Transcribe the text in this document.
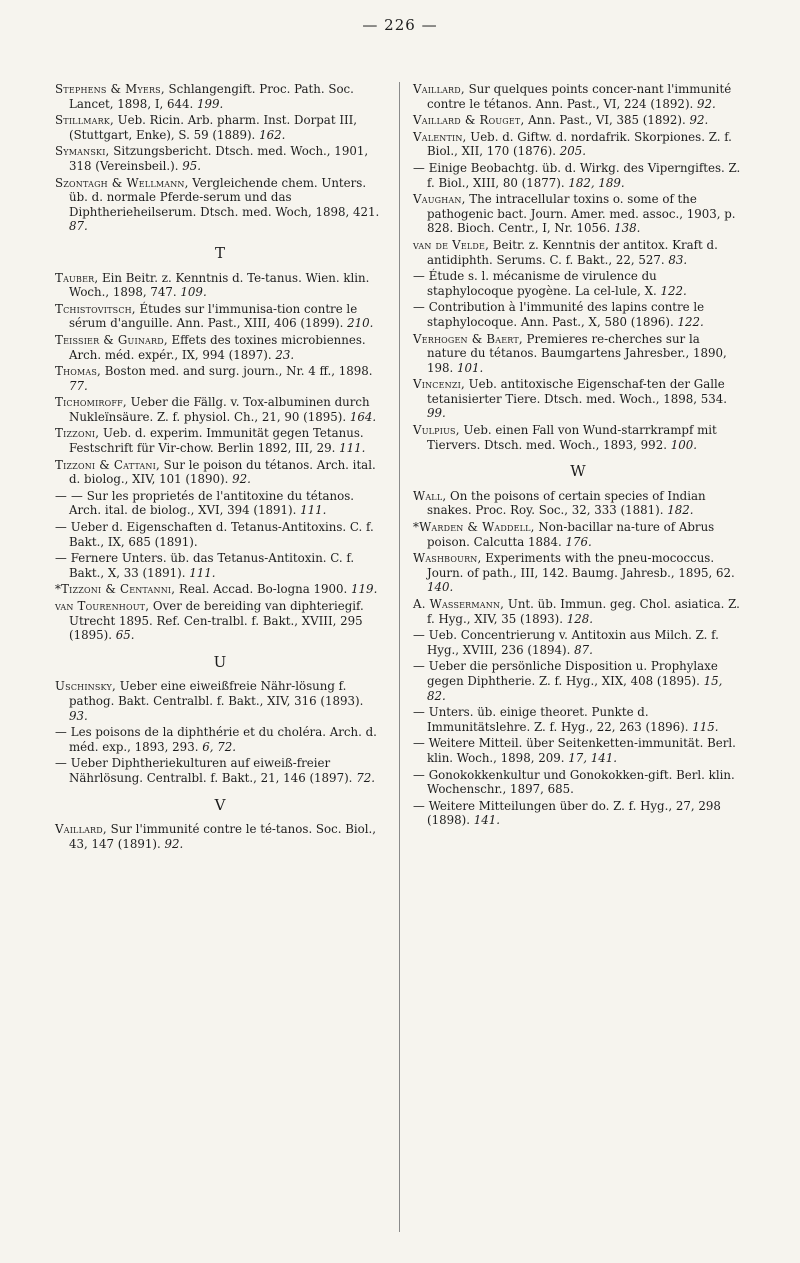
— 226 —
Stephens & Myers, Schlangengift. Proc. Path. Soc. Lancet, 1898, I, 644. 199.
Stillmark, Ueb. Ricin. Arb. pharm. Inst. Dorpat III, (Stuttgart, Enke), S. 59 (1889). 162.
Symanski, Sitzungsbericht. Dtsch. med. Woch., 1901, 318 (Vereinsbeil.). 95.
Szontagh & Wellmann, Vergleichende chem. Unters. üb. d. normale Pferde-serum und das Diphtherieheilserum. Dtsch. med. Woch, 1898, 421. 87.
T
Tauber, Ein Beitr. z. Kenntnis d. Te-tanus. Wien. klin. Woch., 1898, 747. 109.
Tchistovitsch, Études sur l'immunisa-tion contre le sérum d'anguille. Ann. Past., XIII, 406 (1899). 210.
Teissier & Guinard, Effets des toxines microbiennes. Arch. méd. expér., IX, 994 (1897). 23.
Thomas, Boston med. and surg. journ., Nr. 4 ff., 1898. 77.
Tichomiroff, Ueber die Fällg. v. Tox-albuminen durch Nukleïnsäure. Z. f. physiol. Ch., 21, 90 (1895). 164.
Tizzoni, Ueb. d. experim. Immunität gegen Tetanus. Festschrift für Vir-chow. Berlin 1892, III, 29. 111.
Tizzoni & Cattani, Sur le poison du tétanos. Arch. ital. d. biolog., XIV, 101 (1890). 92.
— — Sur les proprietés de l'antitoxine du tétanos. Arch. ital. de biolog., XVI, 394 (1891). 111.
— Ueber d. Eigenschaften d. Tetanus-Antitoxins. C. f. Bakt., IX, 685 (1891).
— Fernere Unters. üb. das Tetanus-Antitoxin. C. f. Bakt., X, 33 (1891). 111.
*Tizzoni & Centanni, Real. Accad. Bo-logna 1900. 119.
van Tourenhout, Over de bereiding van diphteriegif. Utrecht 1895. Ref. Cen-tralbl. f. Bakt., XVIII, 295 (1895). 65.
U
Uschinsky, Ueber eine eiweißfreie Nähr-lösung f. pathog. Bakt. Centralbl. f. Bakt., XIV, 316 (1893). 93.
— Les poisons de la diphthérie et du choléra. Arch. d. méd. exp., 1893, 293. 6, 72.
— Ueber Diphtheriekulturen auf eiweiß-freier Nährlösung. Centralbl. f. Bakt., 21, 146 (1897). 72.
V
Vaillard, Sur l'immunité contre le té-tanos. Soc. Biol., 43, 147 (1891). 92.
Vaillard, Sur quelques points concer-nant l'immunité contre le tétanos. Ann. Past., VI, 224 (1892). 92.
Vaillard & Rouget, Ann. Past., VI, 385 (1892). 92.
Valentin, Ueb. d. Giftw. d. nordafrik. Skorpiones. Z. f. Biol., XII, 170 (1876). 205.
— Einige Beobachtg. üb. d. Wirkg. des Viperngiftes. Z. f. Biol., XIII, 80 (1877). 182, 189.
Vaughan, The intracellular toxins o. some of the pathogenic bact. Journ. Amer. med. assoc., 1903, p. 828. Bioch. Centr., I, Nr. 1056. 138.
van de Velde, Beitr. z. Kenntnis der antitox. Kraft d. antidiphth. Serums. C. f. Bakt., 22, 527. 83.
— Étude s. l. mécanisme de virulence du staphylocoque pyogène. La cel-lule, X. 122.
— Contribution à l'immunité des lapins contre le staphylocoque. Ann. Past., X, 580 (1896). 122.
Verhogen & Baert, Premieres re-cherches sur la nature du tétanos. Baumgartens Jahresber., 1890, 198. 101.
Vincenzi, Ueb. antitoxische Eigenschaf-ten der Galle tetanisierter Tiere. Dtsch. med. Woch., 1898, 534. 99.
Vulpius, Ueb. einen Fall von Wund-starrkrampf mit Tiervers. Dtsch. med. Woch., 1893, 992. 100.
W
Wall, On the poisons of certain species of Indian snakes. Proc. Roy. Soc., 32, 333 (1881). 182.
*Warden & Waddell, Non-bacillar na-ture of Abrus poison. Calcutta 1884. 176.
Washbourn, Experiments with the pneu-mococcus. Journ. of path., III, 142. Baumg. Jahresb., 1895, 62. 140.
A. Wassermann, Unt. üb. Immun. geg. Chol. asiatica. Z. f. Hyg., XIV, 35 (1893). 128.
— Ueb. Concentrierung v. Antitoxin aus Milch. Z. f. Hyg., XVIII, 236 (1894). 87.
— Ueber die persönliche Disposition u. Prophylaxe gegen Diphtherie. Z. f. Hyg., XIX, 408 (1895). 15, 82.
— Unters. üb. einige theoret. Punkte d. Immunitätslehre. Z. f. Hyg., 22, 263 (1896). 115.
— Weitere Mitteil. über Seitenketten-immunität. Berl. klin. Woch., 1898, 209. 17, 141.
— Gonokokkenkultur und Gonokokken-gift. Berl. klin. Wochenschr., 1897, 685.
— Weitere Mitteilungen über do. Z. f. Hyg., 27, 298 (1898). 141.
